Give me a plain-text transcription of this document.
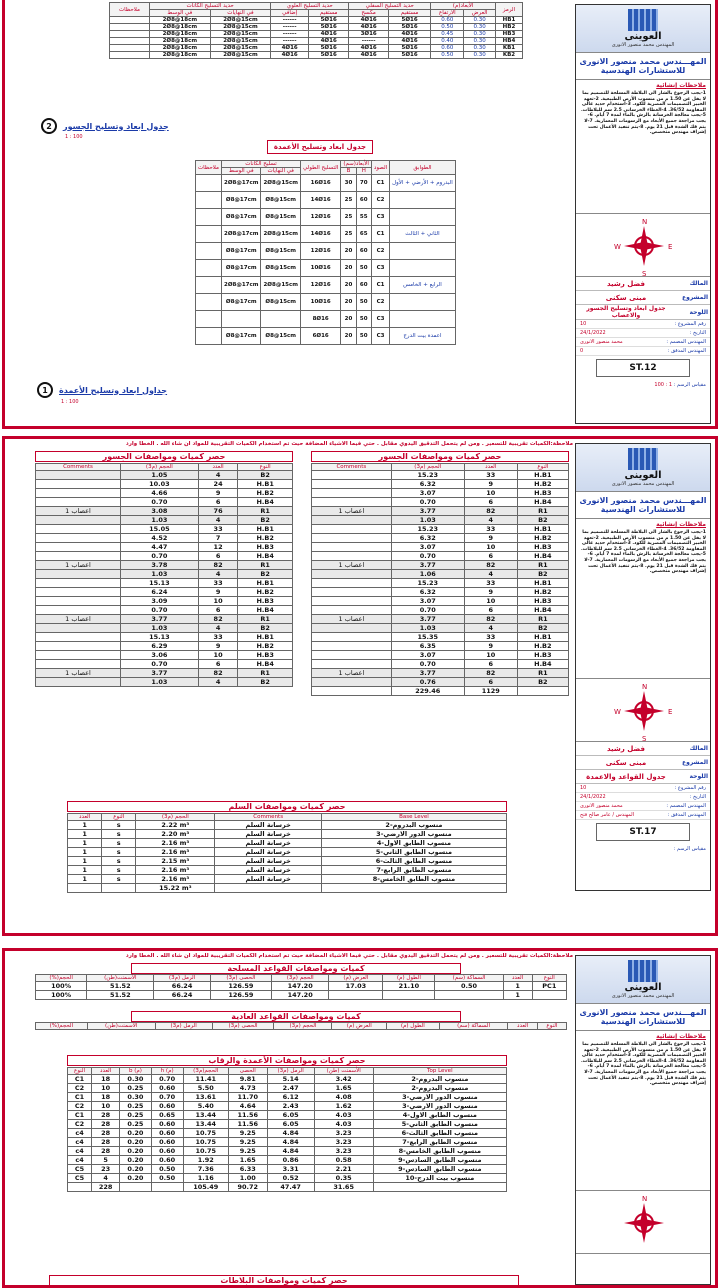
الرمز	الأبعاد(م)		حديد التسليح السفلي		حديد التسليح العلوي		حديد التسليح الكانات		ملاحظات
	العرض	الارتفاع	مستقيم	مكسح	مستقيم	إضافي	في النهايات	في الوسط	
HB1	0.30	0.60	5Ø16	4Ø16	5Ø16	------	2Ø8@15cm	2Ø8@18cm	
HB2	0.30	0.50	5Ø16	4Ø16	5Ø16	------	2Ø8@15cm	2Ø8@18cm	
HB3	0.30	0.45	4Ø16	3Ø16	4Ø16	------	2Ø8@15cm	2Ø8@18cm	
HB4	0.30	0.40	4Ø16	------	4Ø16	------	2Ø8@15cm	2Ø8@18cm	
KB1	0.30	0.60	5Ø16	4Ø16	5Ø16	4Ø16	2Ø8@15cm	2Ø8@18cm	
KB2	0.30	0.50	5Ø16	4Ø16	5Ø16	4Ø16	2Ø8@15cm	2Ø8@18cm	
2	جدول ابعاد وتسليح الجسور
1 : 100
جدول ابعاد وتسليح الأعمدة
الطوابق	الصود	الأبعاد(سم)		التسليح الطولي	تسليح الكانات		ملاحظات
		H	B		في النهايات	في الوسط	
البدروم + الأرضي + الأول	C1	70	30	16Ø16	2Ø8@15cm	2Ø8@17cm	
	C2	60	25	14Ø16	Ø8@15cm	Ø8@17cm	
	C3	55	25	12Ø16	Ø8@15cm	Ø8@17cm	
الثاني + الثالث	C1	65	25	14Ø16	2Ø8@15cm	2Ø8@17cm	
	C2	60	20	12Ø16	Ø8@15cm	Ø8@17cm	
	C3	50	20	10Ø16	Ø8@15cm	Ø8@17cm	
الرابع + الخامس	C1	60	20	12Ø16	2Ø8@15cm	2Ø8@17cm	
	C2	50	20	10Ø16	Ø8@15cm	Ø8@17cm	
	C3	50	20	8Ø16			
اعمدة بيت الدرج	C3	50	20	6Ø16	Ø8@15cm	Ø8@17cm	
1	جداول ابعاد وتسليح الأعمدة
1 : 100
العوينى
المهندس محمد منصور الانورى
المهـــندس محمد منصور الانورى للاستشارات الهندسية
ملاحظات إنشائية
1-يجب الرجوع بالشاز الى البلاطة المسلحة للتصميم بما لا يقل عن 1.50 م من منسوب الأرض الطبيعية. 2-تعهد الخبير التصميمات المصرية للكود. 3-استخدام حديد عالى المقاومة 36/52. 4-الغطاء الخرسانى 2.5 سم للبلاطات. 5-يجب معالجة الخرسانة بالرش بالماء لمدة 7 أيام. 6-يجب مراجعة جميع الأبعاد مع الرسومات المعمارية. 7-لا يتم فك الشدة قبل 21 يوم. 8-يتم تنفيذ الأعمال تحت إشراف مهندس متخصص.
N
S
E
W
المالك
فضل رشيد
المشروع
مبنى سكنى
اللوحة
جدول ابعاد وتسليح الجسور والاعصاب
رقم المشروع :
10
التاريخ :
24/1/2022
المهندس المصمم :
محمد منصور الانورى
المهندس المدقق :
0
ST.12
مقياس الرسم : 1 : 100
ملاحظة:الكميات تقريبية للتسعير . ومن لم يتحمل التدقيق اليدوي مقابل . حتي فيما الاشياء المضافة حيث تم استخدام الكميات التقريبية للمواد ان شاء الله . الخطأ وارد
حصر كميات ومواصفات الجسور
حصر كميات ومواصفات الجسور
Comments	الحجم (م3)	العدد	النوع
	15.23	33	H.B1
	6.32	9	H.B2
	3.07	10	H.B3
	0.70	6	H.B4
اعصاب 1	3.77	82	R1
	1.03	4	B2
	15.23	33	H.B1
	6.32	9	H.B2
	3.07	10	H.B3
	0.70	6	H.B4
اعصاب 1	3.77	82	R1
	1.06	4	B2
	15.23	33	H.B1
	6.32	9	H.B2
	3.07	10	H.B3
	0.70	6	H.B4
اعصاب 1	3.77	82	R1
	1.03	4	B2
	15.35	33	H.B1
	6.35	9	H.B2
	3.07	10	H.B3
	0.70	6	H.B4
اعصاب 1	3.77	82	R1
	0.76	6	B2
	229.46	1129	
Comments	الحجم (م3)	العدد	النوع
	1.05	4	B2
	10.03	24	H.B1
	4.66	9	H.B2
	0.70	6	H.B4
اعصاب 1	3.08	76	R1
	1.03	4	B2
	15.05	33	H.B1
	4.52	7	H.B2
	4.47	12	H.B3
	0.70	6	H.B4
اعصاب 1	3.78	82	R1
	1.03	4	B2
	15.13	33	H.B1
	6.24	9	H.B2
	3.09	10	H.B3
	0.70	6	H.B4
اعصاب 1	3.77	82	R1
	1.03	4	B2
	15.13	33	H.B1
	6.29	9	H.B2
	3.06	10	H.B3
	0.70	6	H.B4
اعصاب 1	3.77	82	R1
	1.03	4	B2
حصر كميات ومواصفات السلم
العدد	النوع	الحجم (م3)	Comments	Base Level
1	s	2.22 m³	خرسانة السلم	منسوب البدروم-2
1	s	2.20 m³	خرسانة السلم	منسوب الدور الارضي-3
1	s	2.16 m³	خرسانة السلم	منسوب الطابق الاول-4
1	s	2.16 m³	خرسانة السلم	منسوب الطابق الثاني-5
1	s	2.15 m³	خرسانة السلم	منسوب الطابق الثالث-6
1	s	2.16 m³	خرسانة السلم	منسوب الطابق الرابع-7
1	s	2.16 m³	خرسانة السلم	منسوب الطابق الخامس-8
		15.22 m³		
العوينى
المهندس محمد منصور الانورى
المهـــندس محمد منصور الانورى للاستشارات الهندسية
ملاحظات إنشائية
1-يجب الرجوع بالشاز الى البلاطة المسلحة للتصميم بما لا يقل عن 1.50 م من منسوب الأرض الطبيعية. 2-تعهد الخبير التصميمات المصرية للكود. 3-استخدام حديد عالى المقاومة 36/52. 4-الغطاء الخرسانى 2.5 سم للبلاطات. 5-يجب معالجة الخرسانة بالرش بالماء لمدة 7 أيام. 6-يجب مراجعة جميع الأبعاد مع الرسومات المعمارية. 7-لا يتم فك الشدة قبل 21 يوم. 8-يتم تنفيذ الأعمال تحت إشراف مهندس متخصص.
N
S
E
W
المالك
فضل رشيد
المشروع
مبنى سكنى
اللوحة
جدول القواعد والاعمدة
رقم المشروع :
10
التاريخ :
24/1/2022
المهندس المصمم :
محمد منصور الانورى
المهندس المدقق :
المهندس / عامر صالح فتح
ST.17
مقياس الرسم :
ملاحظة:الكميات تقريبية للتسعير . ومن لم يتحمل التدقيق اليدوي مقابل . حتي فيما الاشياء المضافة حيث تم استخدام الكميات التقريبية للمواد ان شاء الله . الخطأ وارد
كميات ومواصفات القواعد المسلحة
(%)الحجم	الأسمنت(طن)	الرمل (م3)	الحصى (م3)	الحجم (م3)	العرض (م)	الطول (م)	السماكة (سم)	العدد	النوع
100%	51.52	66.24	126.59	147.20	17.03	21.10	0.50	1	PC1
100%	51.52	66.24	126.59	147.20				1	
كميات ومواصفات القواعد العادية
(%)الحجم	الأسمنت(طن)	الرمل (م3)	الحصى (م3)	الحجم (م3)	العرض (م)	الطول (م)	السماكة (سم)	العدد	النوع
حصر كميات ومواصفات الأعمدة والرقاب
النوع	العدد	b (م)	h (م)	الحجم(م3)	الحصى	الرمل (م3)	الأسمنت (طن)	Top Level
C1	18	0.30	0.70	11.41	9.81	5.14	3.42	منسوب البدروم-2
C2	10	0.25	0.60	5.50	4.73	2.47	1.65	منسوب البدروم-2
C1	18	0.30	0.70	13.61	11.70	6.12	4.08	منسوب الدور الارضي-3
C2	10	0.25	0.60	5.40	4.64	2.43	1.62	منسوب الدور الارضي-3
C1	28	0.25	0.65	13.44	11.56	6.05	4.03	منسوب الطابق الاول-4
C2	28	0.25	0.60	13.44	11.56	6.05	4.03	منسوب الطابق الثاني-5
c4	28	0.20	0.60	10.75	9.25	4.84	3.23	منسوب الطابق الثالث-6
c4	28	0.20	0.60	10.75	9.25	4.84	3.23	منسوب الطابق الرابع-7
c4	28	0.20	0.60	10.75	9.25	4.84	3.23	منسوب الطابق الخامس-8
c4	5	0.20	0.60	1.92	1.65	0.86	0.58	منسوب الطابق السادس-9
C5	23	0.20	0.50	7.36	6.33	3.31	2.21	منسوب الطابق السادس-9
C5	4	0.20	0.50	1.16	1.00	0.52	0.35	منسوب بيت الدرج-10
	228			105.49	90.72	47.47	31.65	
حصر كميات ومواصفات البلاطات
العوينى
المهندس محمد منصور الانورى
المهـــندس محمد منصور الانورى للاستشارات الهندسية
ملاحظات إنشائية
1-يجب الرجوع بالشاز الى البلاطة المسلحة للتصميم بما لا يقل عن 1.50 م من منسوب الأرض الطبيعية. 2-تعهد الخبير التصميمات المصرية للكود. 3-استخدام حديد عالى المقاومة 36/52. 4-الغطاء الخرسانى 2.5 سم للبلاطات. 5-يجب معالجة الخرسانة بالرش بالماء لمدة 7 أيام. 6-يجب مراجعة جميع الأبعاد مع الرسومات المعمارية. 7-لا يتم فك الشدة قبل 21 يوم. 8-يتم تنفيذ الأعمال تحت إشراف مهندس متخصص.
N
